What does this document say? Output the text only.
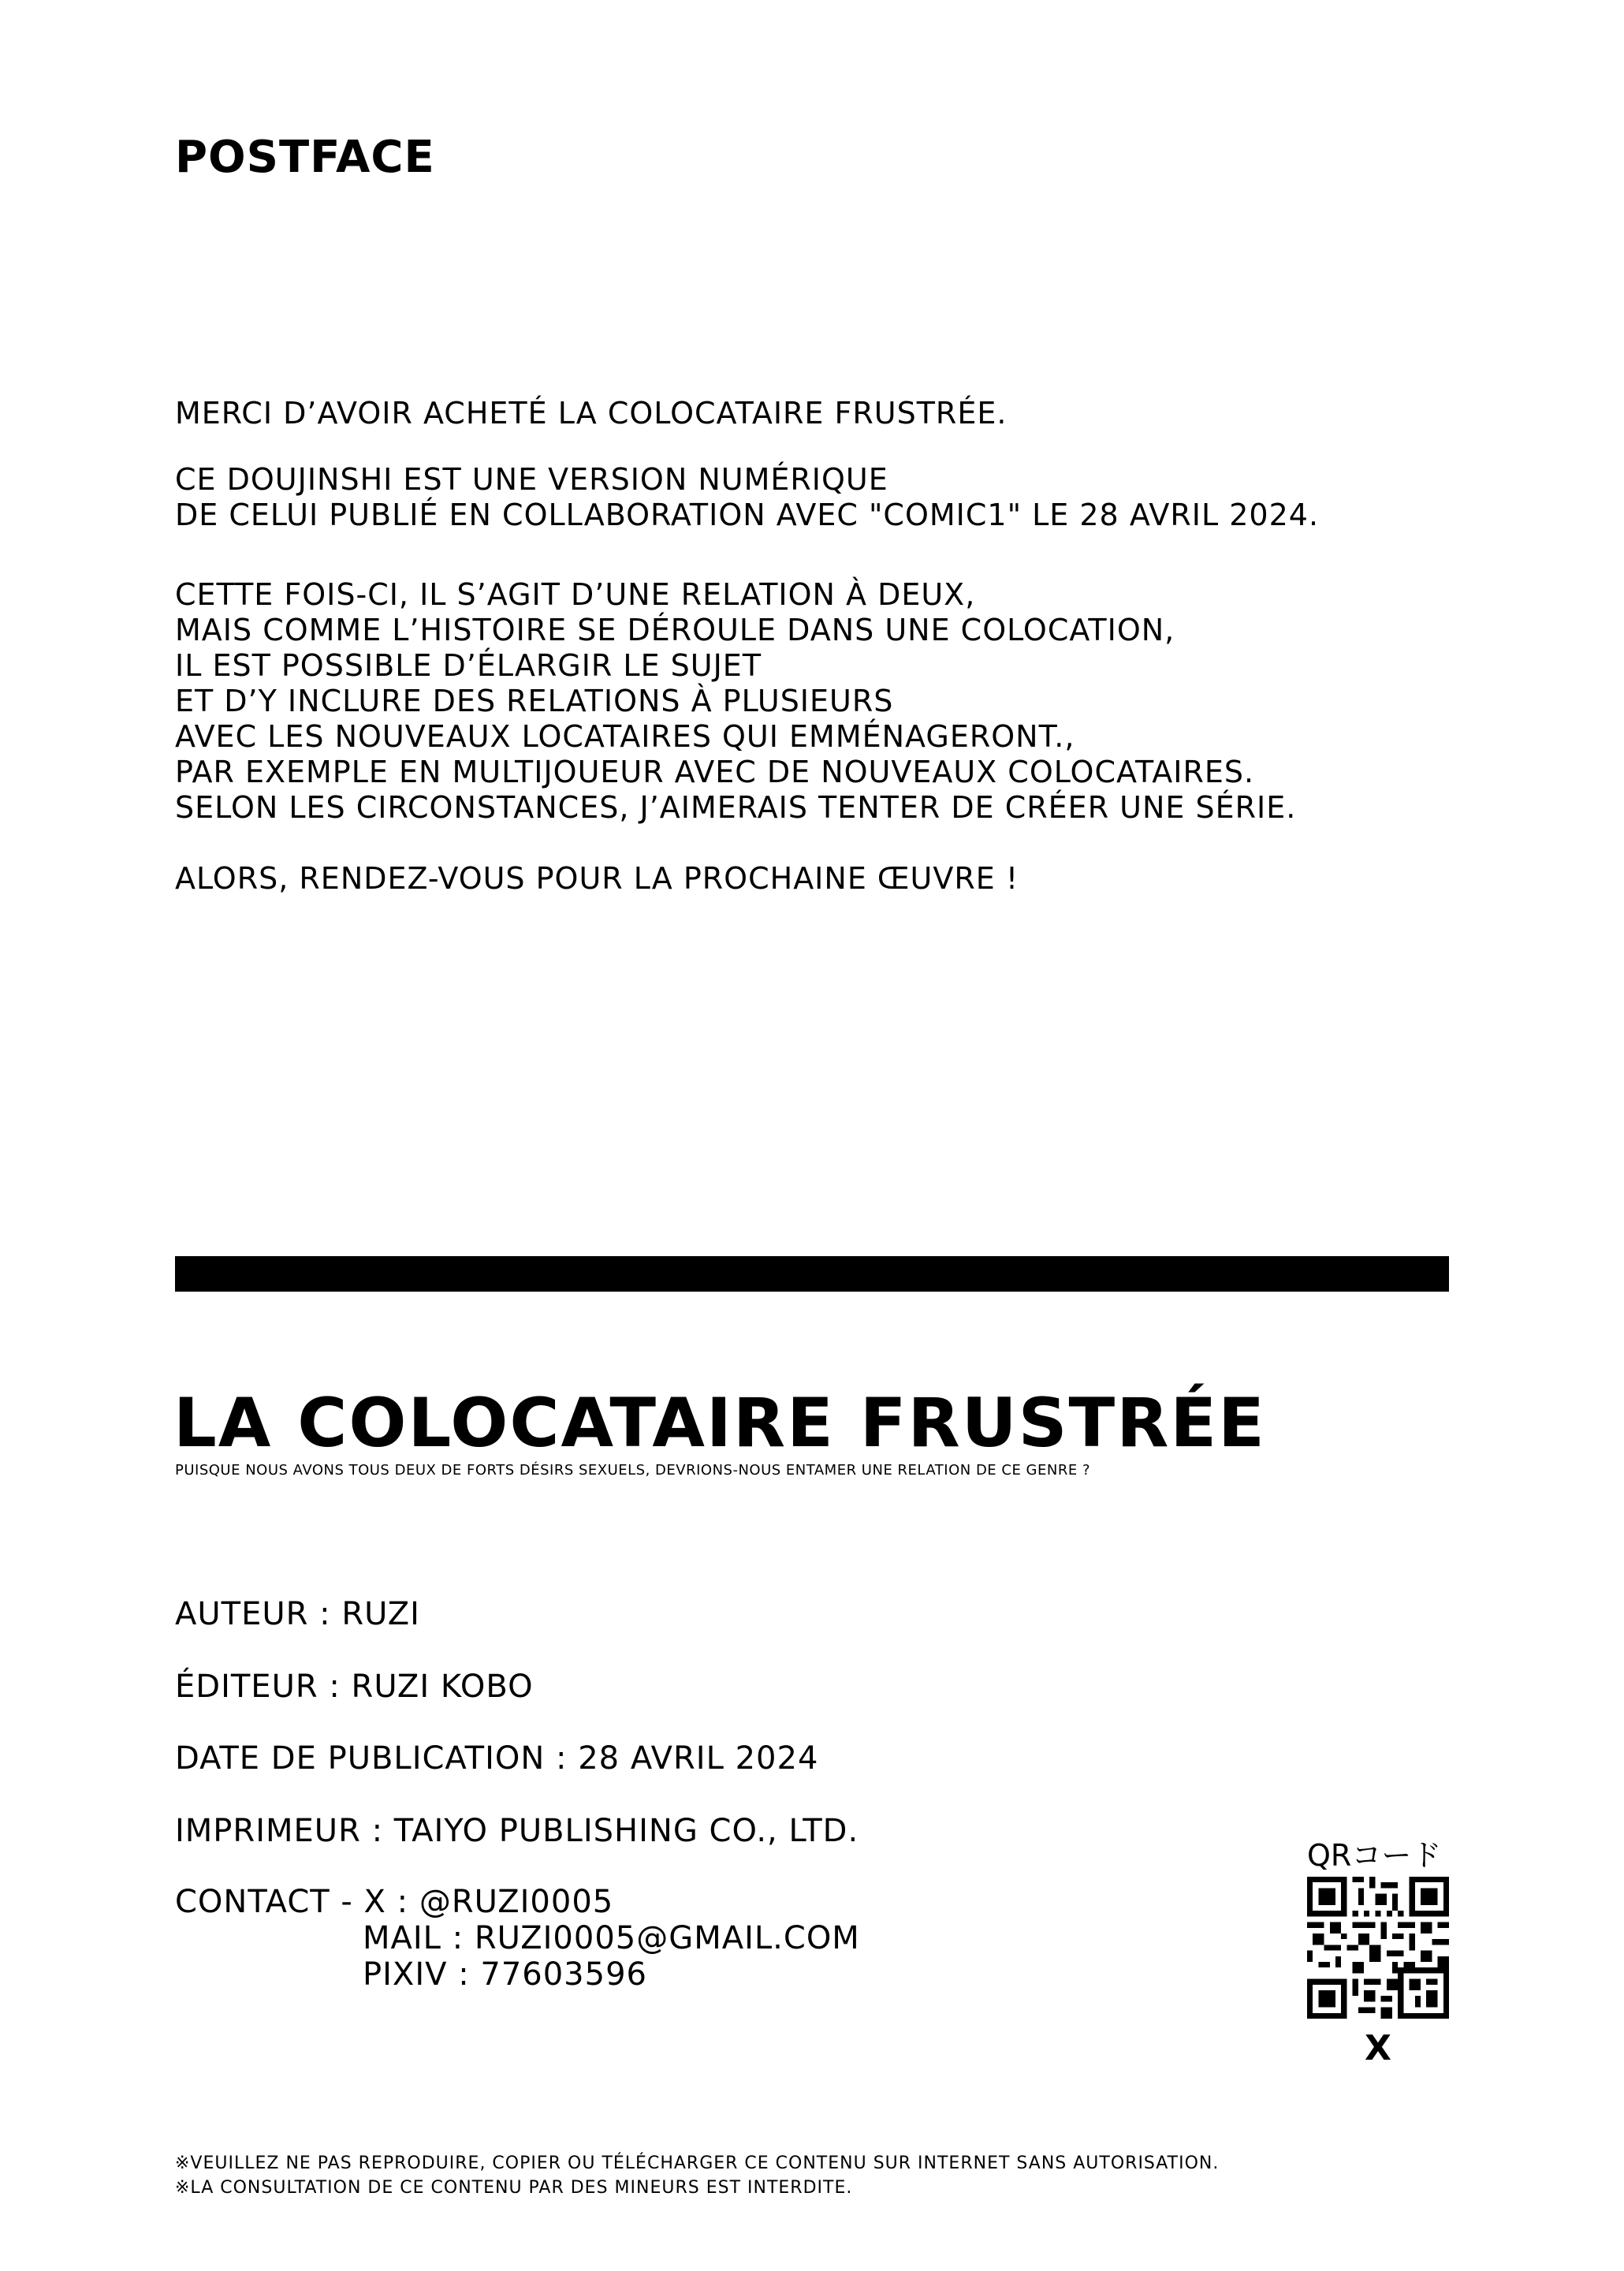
POSTFACE
MERCI D’AVOIR ACHETÉ LA COLOCATAIRE FRUSTRÉE.
CE DOUJINSHI EST UNE VERSION NUMÉRIQUE
DE CELUI PUBLIÉ EN COLLABORATION AVEC "COMIC1" LE 28 AVRIL 2024.
CETTE FOIS-CI, IL S’AGIT D’UNE RELATION À DEUX,
MAIS COMME L’HISTOIRE SE DÉROULE DANS UNE COLOCATION,
IL EST POSSIBLE D’ÉLARGIR LE SUJET
ET D’Y INCLURE DES RELATIONS À PLUSIEURS
AVEC LES NOUVEAUX LOCATAIRES QUI EMMÉNAGERONT.,
PAR EXEMPLE EN MULTIJOUEUR AVEC DE NOUVEAUX COLOCATAIRES.
SELON LES CIRCONSTANCES, J’AIMERAIS TENTER DE CRÉER UNE SÉRIE.
ALORS, RENDEZ-VOUS POUR LA PROCHAINE ŒUVRE !
LA COLOCATAIRE FRUSTRÉE
PUISQUE NOUS AVONS TOUS DEUX DE FORTS DÉSIRS SEXUELS, DEVRIONS-NOUS ENTAMER UNE RELATION DE CE GENRE ?
AUTEUR : RUZI
ÉDITEUR : RUZI KOBO
DATE DE PUBLICATION : 28 AVRIL 2024
IMPRIMEUR : TAIYO PUBLISHING CO., LTD.
CONTACT - X : @RUZI0005
MAIL : RUZI0005@GMAIL.COM
PIXIV : 77603596
QRコード
X
※VEUILLEZ NE PAS REPRODUIRE, COPIER OU TÉLÉCHARGER CE CONTENU SUR INTERNET SANS AUTORISATION.
※LA CONSULTATION DE CE CONTENU PAR DES MINEURS EST INTERDITE.
